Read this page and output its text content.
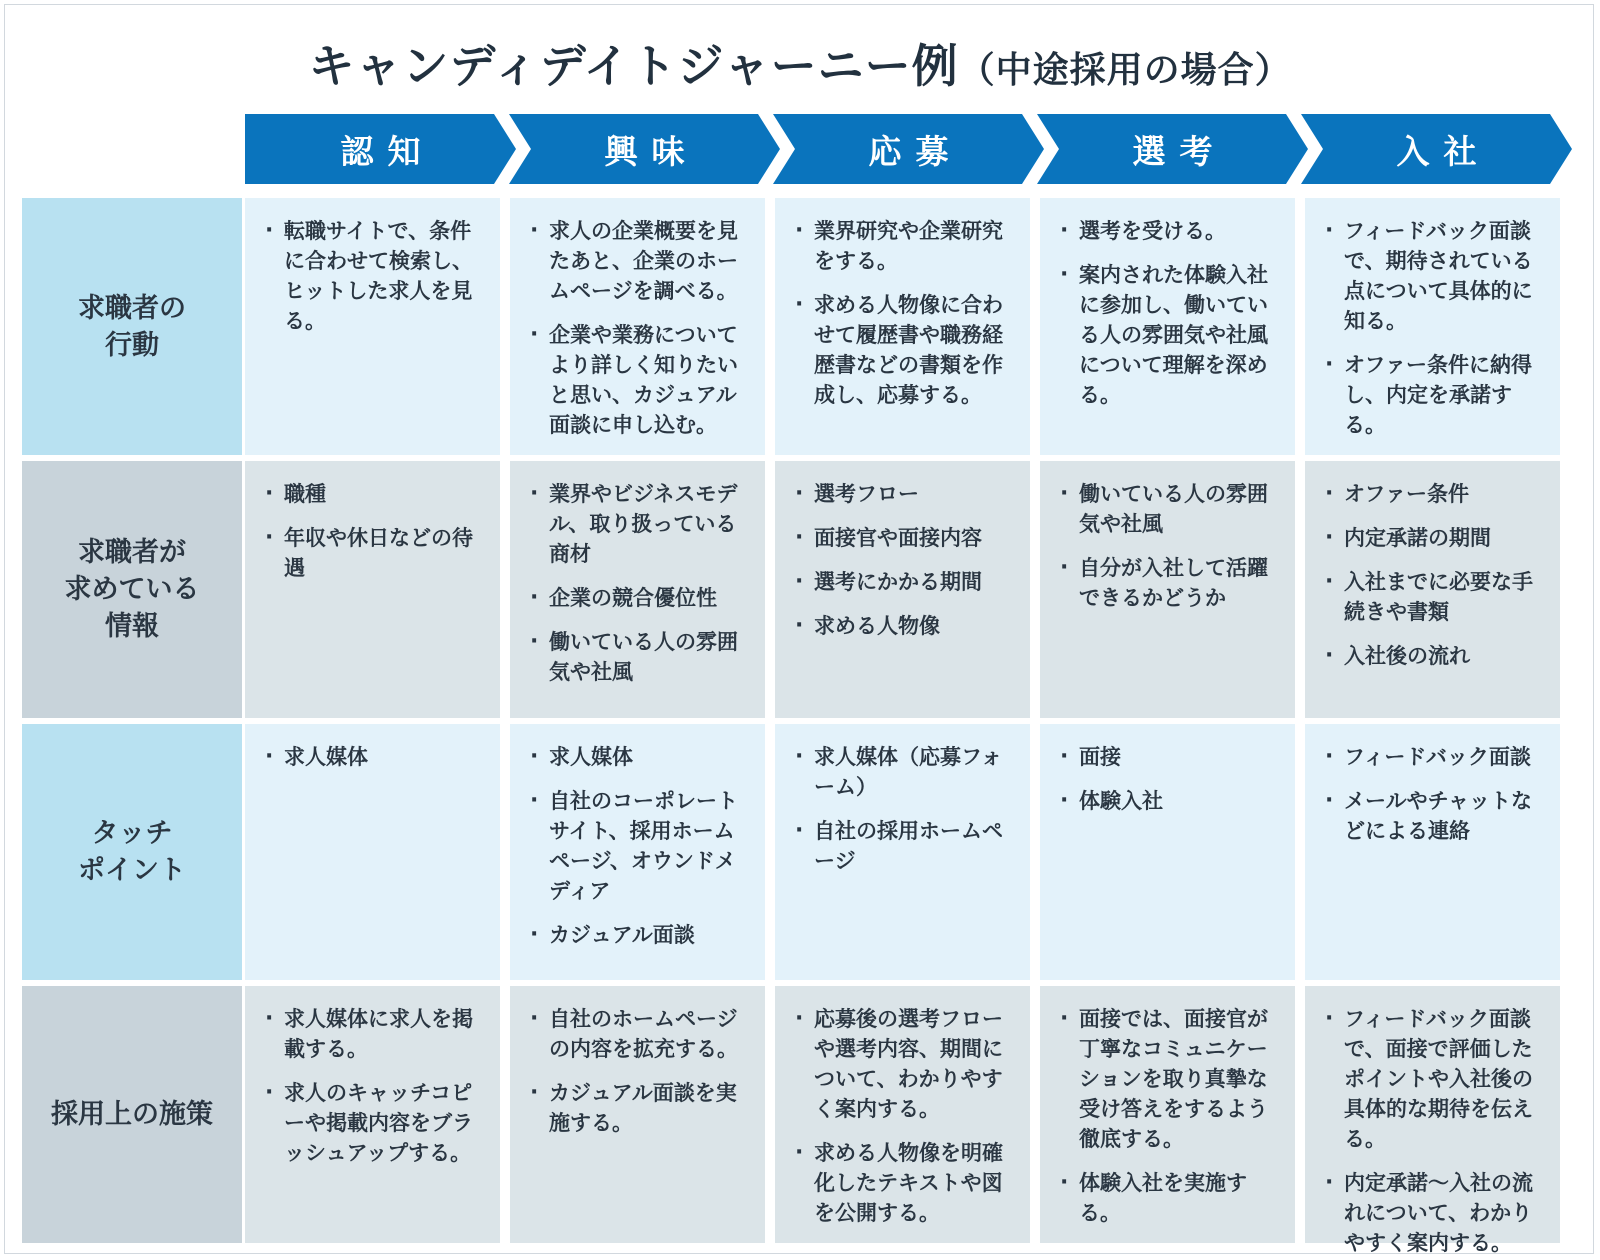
キャンディデイトジャーニー例（中途採用の場合）
認知	興味	応募	選考	入社
求職者の
行動
· 転職サイトで、条件に合わせて検索し、ヒットした求人を見る。
· 求人の企業概要を見たあと、企業のホームページを調べる。
· 企業や業務についてより詳しく知りたいと思い、カジュアル面談に申し込む。
· 業界研究や企業研究をする。
· 求める人物像に合わせて履歴書や職務経歴書などの書類を作成し、応募する。
· 選考を受ける。
· 案内された体験入社に参加し、働いている人の雰囲気や社風について理解を深める。
· フィードバック面談で、期待されている点について具体的に知る。
· オファー条件に納得し、内定を承諾する。
求職者が
求めている
情報
· 職種
· 年収や休日などの待遇
· 業界やビジネスモデル、取り扱っている商材
· 企業の競合優位性
· 働いている人の雰囲気や社風
· 選考フロー
· 面接官や面接内容
· 選考にかかる期間
· 求める人物像
· 働いている人の雰囲気や社風
· 自分が入社して活躍できるかどうか
· オファー条件
· 内定承諾の期間
· 入社までに必要な手続きや書類
· 入社後の流れ
タッチ
ポイント
· 求人媒体
·	求人媒体
· 自社のコーポレートサイト、採用ホームページ、オウンドメディア
· カジュアル面談
· 求人媒体（応募フォーム）
· 自社の採用ホームページ
· 面接
· 体験入社
· フィードバック面談
· メールやチャットなどによる連絡
採用上の施策
· 求人媒体に求人を掲載する。
· 求人のキャッチコピーや掲載内容をブラッシュアップする。
· 自社のホームページの内容を拡充する。
· カジュアル面談を実施する。
· 応募後の選考フローや選考内容、期間について、わかりやすく案内する。
· 求める人物像を明確化したテキストや図を公開する。
· 面接では、面接官が丁寧なコミュニケーションを取り真摯な受け答えをするよう徹底する。
· 体験入社を実施する。
· フィードバック面談で、面接で評価したポイントや入社後の具体的な期待を伝える。
· 内定承諾〜入社の流れについて、わかりやすく案内する。
